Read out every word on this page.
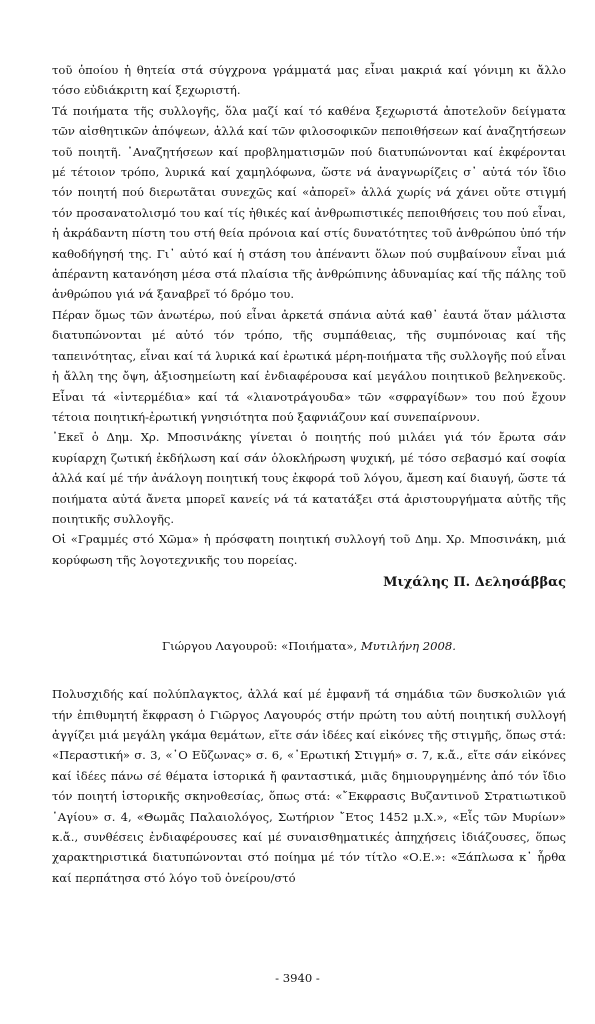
τοῦ ὁποίου ἡ θητεία στά σύγχρονα γράμματά μας εἶναι μακριά καί γόνιμη κι ἄλλο τόσο εὐδιάκριτη καί ξεχωριστή.

Τά ποιήματα τῆς συλλογῆς, ὅλα μαζί καί τό καθένα ξεχωριστά ἀποτελοῦν δείγματα τῶν αἰσθητικῶν ἀπόψεων, ἀλλά καί τῶν φιλοσοφικῶν πεποιθήσεων καί ἀναζητήσεων τοῦ ποιητῆ. ᾿Αναζητήσεων καί προβληματισμῶν πού διατυπώνονται καί ἐκφέρονται μέ τέτοιον τρόπο, λυρικά καί χαμηλόφωνα, ὥστε νά ἀναγνωρίζεις σ᾿ αὐτά τόν ἴδιο τόν ποιητή πού διερωτᾶται συνεχῶς καί «ἀπορεῖ» ἀλλά χωρίς νά χάνει οὔτε στιγμή τόν προσανατολισμό του καί τίς ἠθικές καί ἀνθρωπιστικές πεποιθήσεις του πού εἶναι, ἡ ἀκράδαντη πίστη του στή θεία πρόνοια καί στίς δυνατότητες τοῦ ἀνθρώπου ὑπό τήν καθοδήγησή της. Γι᾿ αὐτό καί ἡ στάση του ἀπέναντι ὅλων πού συμβαίνουν εἶναι μιά ἀπέραντη κατανόηση μέσα στά πλαίσια τῆς ἀνθρώπινης ἀδυναμίας καί τῆς πάλης τοῦ ἀνθρώπου γιά νά ξαναβρεῖ τό δρόμο του.

Πέραν ὅμως τῶν ἀνωτέρω, πού εἶναι ἀρκετά σπάνια αὐτά καθ᾿ ἑαυτά ὅταν μάλιστα διατυπώνονται μέ αὐτό τόν τρόπο, τῆς συμπάθειας, τῆς συμπόνοιας καί τῆς ταπεινότητας, εἶναι καί τά λυρικά καί ἐρωτικά μέρη-ποιήματα τῆς συλλογῆς πού εἶναι ἡ ἄλλη της ὄψη, ἀξιοσημείωτη καί ἐνδιαφέρουσα καί μεγάλου ποιητικοῦ βεληνεκοῦς. Εἶναι τά «ἰντερμέδια» καί τά «λιανοτράγουδα» τῶν «σφραγίδων» του πού ἔχουν τέτοια ποιητική-ἐρωτική γνησιότητα πού ξαφνιάζουν καί συνεπαίρνουν.

᾿Εκεῖ ὁ Δημ. Χρ. Μποσινάκης γίνεται ὁ ποιητής πού μιλάει γιά τόν ἔρωτα σάν κυρίαρχη ζωτική ἐκδήλωση καί σάν ὁλοκλήρωση ψυχική, μέ τόσο σεβασμό καί σοφία ἀλλά καί μέ τήν ἀνάλογη ποιητική τους ἐκφορά τοῦ λόγου, ἄμεση καί διαυγή, ὥστε τά ποιήματα αὐτά ἄνετα μπορεῖ κανείς νά τά κατατάξει στά ἀριστουργήματα αὐτῆς τῆς ποιητικῆς συλλογῆς.

Οἱ «Γραμμές στό Χῶμα» ἡ πρόσφατη ποιητική συλλογή τοῦ Δημ. Χρ. Μποσινάκη, μιά κορύφωση τῆς λογοτεχνικῆς του πορείας.

Μιχάλης Π. Δελησάββας

Γιώργου Λαγουροῦ: «Ποιήματα», Μυτιλήνη 2008.

Πολυσχιδής καί πολύπλαγκτος, ἀλλά καί μέ ἐμφανῆ τά σημάδια τῶν δυσκολιῶν γιά τήν ἐπιθυμητή ἔκφραση ὁ Γιῶργος Λαγουρός στήν πρώτη του αὐτή ποιητική συλλογή ἀγγίζει μιά μεγάλη γκάμα θεμάτων, εἴτε σάν ἰδέες καί εἰκόνες τῆς στιγμῆς, ὅπως στά: «Περαστική» σ. 3, «῾Ο Εὔζωνας» σ. 6, «᾿Ερωτική Στιγμή» σ. 7, κ.ἄ., εἴτε σάν εἰκόνες καί ἰδέες πάνω σέ θέματα ἱστορικά ἤ φανταστικά, μιᾶς δημιουργημένης ἀπό τόν ἴδιο τόν ποιητή ἱστορικῆς σκηνοθεσίας, ὅπως στά: «῎Εκφρασις Βυζαντινοῦ Στρατιωτικοῦ ῾Αγίου» σ. 4, «Θωμᾶς Παλαιολόγος, Σωτήριον ῎Ετος 1452 μ.Χ.», «Εἷς τῶν Μυρίων» κ.ἄ., συνθέσεις ἐνδιαφέρουσες καί μέ συναισθηματικές ἀπηχήσεις ἰδιάζουσες, ὅπως χαρακτηριστικά διατυπώνονται στό ποίημα μέ τόν τίτλο «Ο.Ε.»: «Ξάπλωσα κ᾿ ἦρθα καί περπάτησα στό λόγο τοῦ ὀνείρου/στό

- 3940 -
